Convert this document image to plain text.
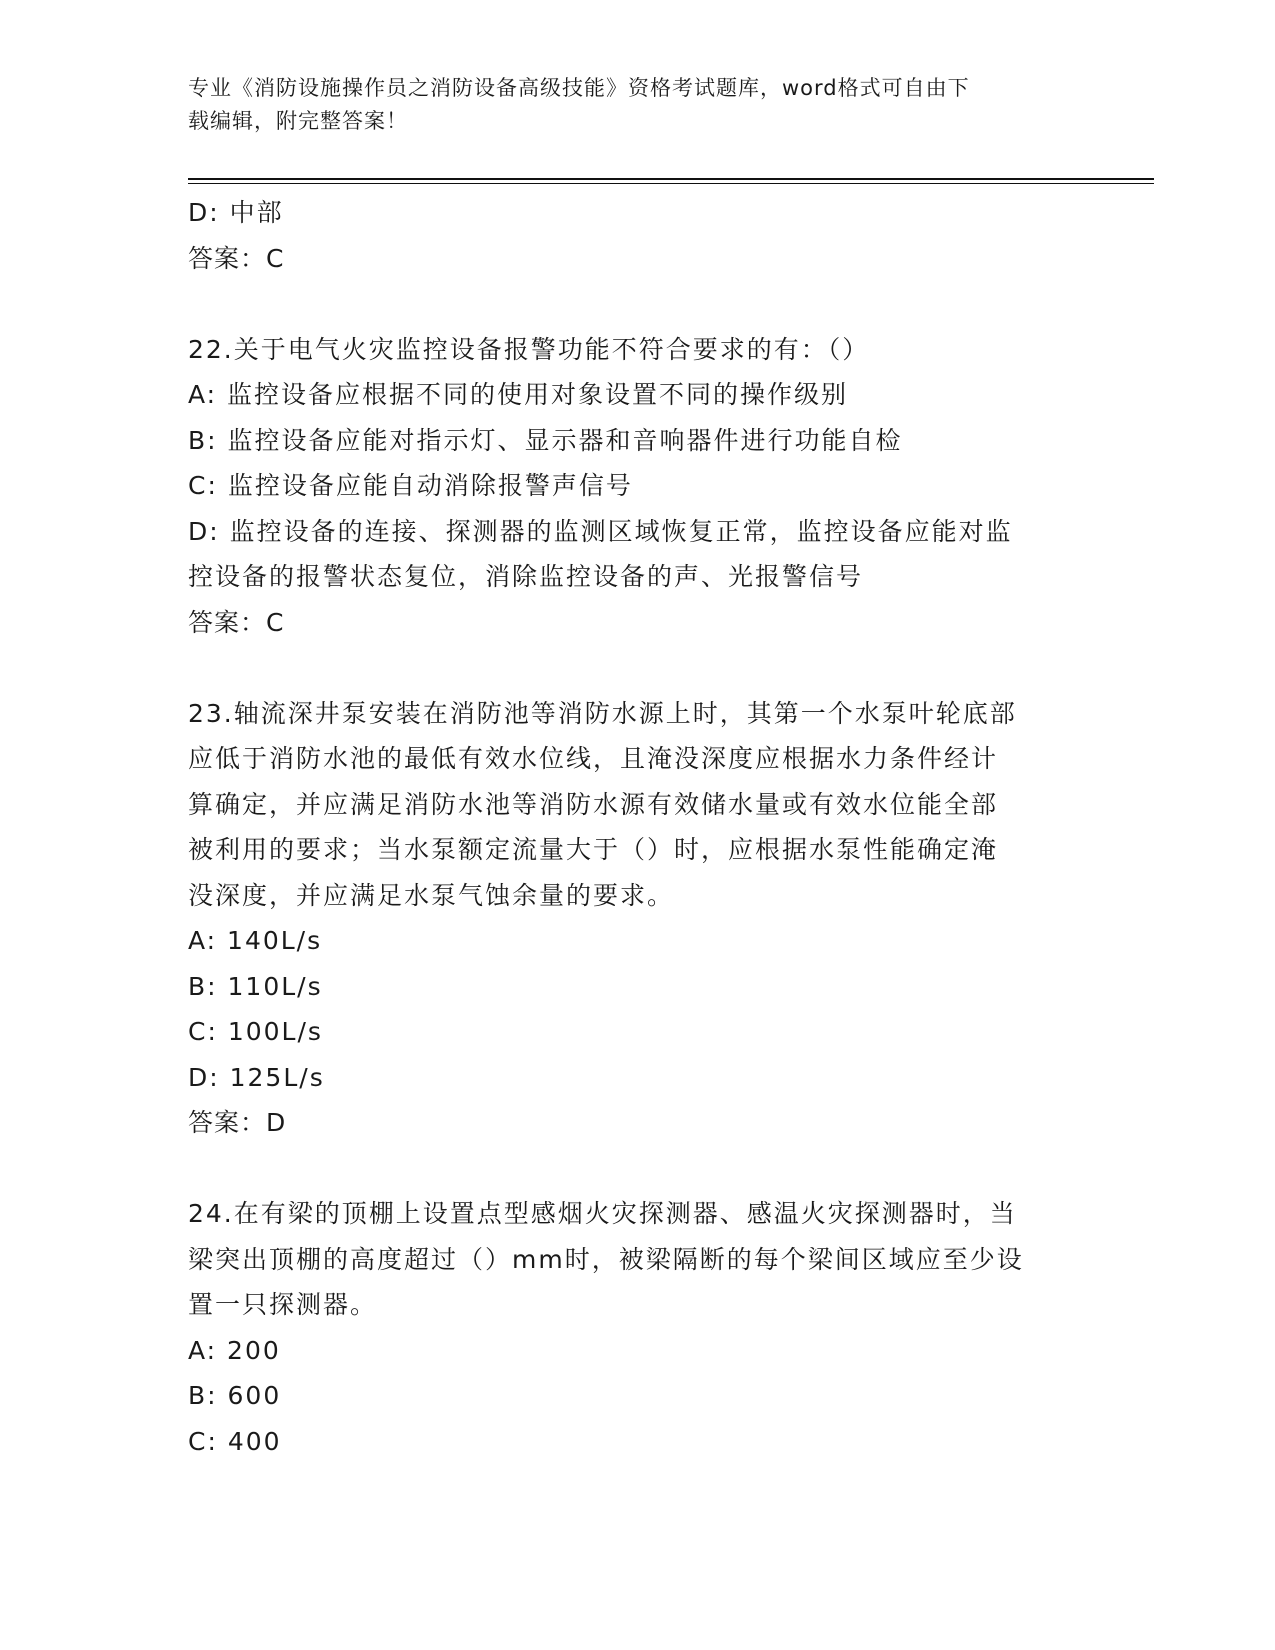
专业《消防设施操作员之消防设备高级技能》资格考试题库，word格式可自由下
载编辑，附完整答案！
D: 中部
答案：C
22.关于电气火灾监控设备报警功能不符合要求的有：（）
A: 监控设备应根据不同的使用对象设置不同的操作级别
B: 监控设备应能对指示灯、显示器和音响器件进行功能自检
C: 监控设备应能自动消除报警声信号
D: 监控设备的连接、探测器的监测区域恢复正常，监控设备应能对监
控设备的报警状态复位，消除监控设备的声、光报警信号
答案：C
23.轴流深井泵安装在消防池等消防水源上时，其第一个水泵叶轮底部
应低于消防水池的最低有效水位线，且淹没深度应根据水力条件经计
算确定，并应满足消防水池等消防水源有效储水量或有效水位能全部
被利用的要求；当水泵额定流量大于（）时，应根据水泵性能确定淹
没深度，并应满足水泵气蚀余量的要求。
A: 140L/s
B: 110L/s
C: 100L/s
D: 125L/s
答案：D
24.在有梁的顶棚上设置点型感烟火灾探测器、感温火灾探测器时，当
梁突出顶棚的高度超过（）mm时，被梁隔断的每个梁间区域应至少设
置一只探测器。
A: 200
B: 600
C: 400
